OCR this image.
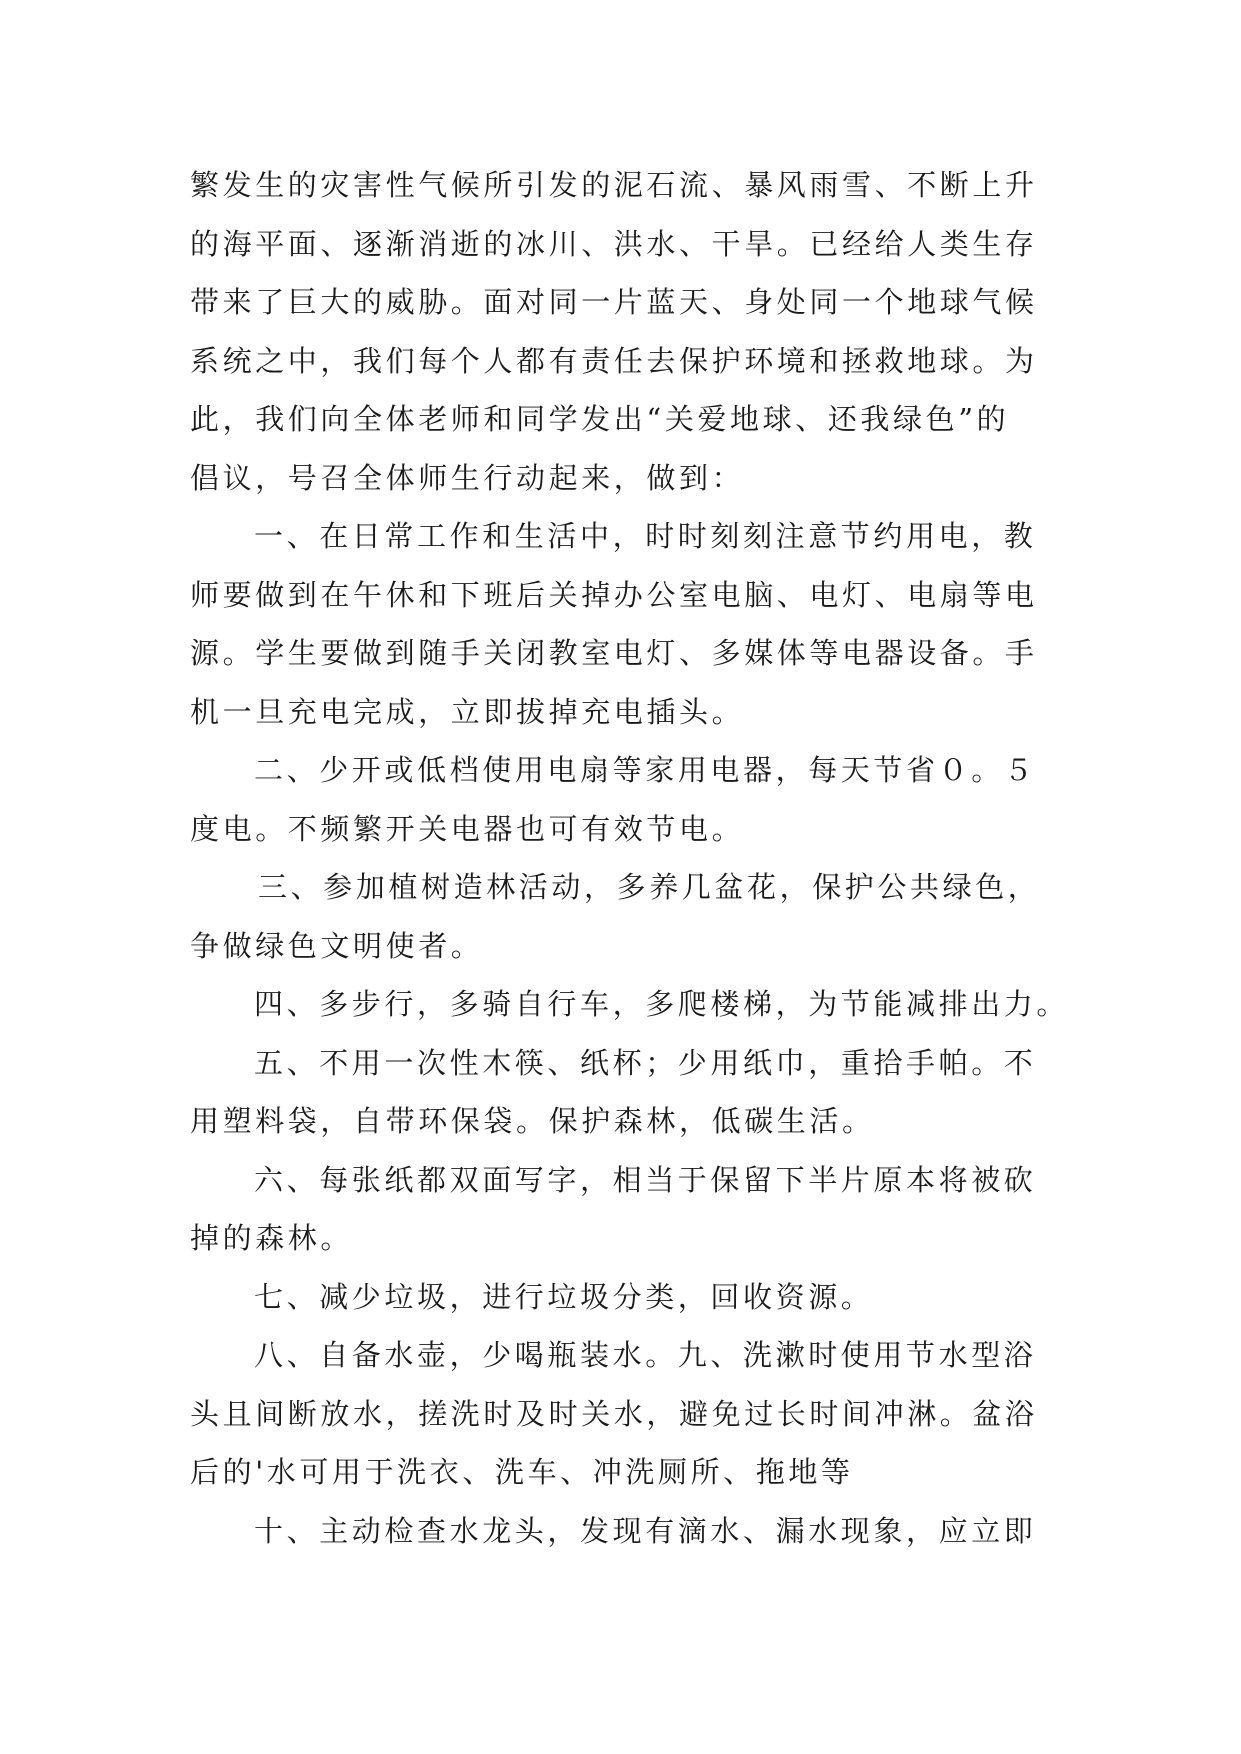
繁发生的灾害性气候所引发的泥石流、暴风雨雪、不断上升
的海平面、逐渐消逝的冰川、洪水、干旱。已经给人类生存
带来了巨大的威胁。面对同一片蓝天、身处同一个地球气候
系统之中，我们每个人都有责任去保护环境和拯救地球。为
此，我们向全体老师和同学发出“关爱地球、还我绿色”的
倡议，号召全体师生行动起来，做到：
一、在日常工作和生活中，时时刻刻注意节约用电，教
师要做到在午休和下班后关掉办公室电脑、电灯、电扇等电
源。学生要做到随手关闭教室电灯、多媒体等电器设备。手
机一旦充电完成，立即拔掉充电插头。
二、少开或低档使用电扇等家用电器，每天节省０。５
度电。不频繁开关电器也可有效节电。
三、参加植树造林活动，多养几盆花，保护公共绿色，
争做绿色文明使者。
四、多步行，多骑自行车，多爬楼梯，为节能减排出力。
五、不用一次性木筷、纸杯；少用纸巾，重拾手帕。不
用塑料袋，自带环保袋。保护森林，低碳生活。
六、每张纸都双面写字，相当于保留下半片原本将被砍
掉的森林。
七、减少垃圾，进行垃圾分类，回收资源。
八、自备水壶，少喝瓶装水。九、洗漱时使用节水型浴
头且间断放水，搓洗时及时关水，避免过长时间冲淋。盆浴
后的'水可用于洗衣、洗车、冲洗厕所、拖地等
十、主动检查水龙头，发现有滴水、漏水现象，应立即
